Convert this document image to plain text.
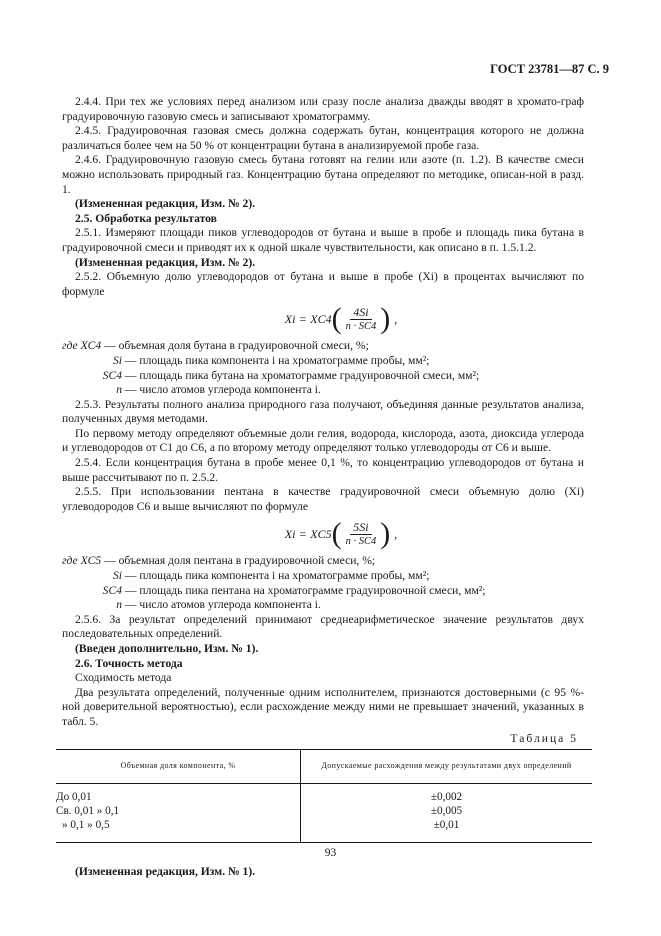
ГОСТ 23781—87 С. 9

2.4.4. При тех же условиях перед анализом или сразу после анализа дважды вводят в хромато-граф градуировочную газовую смесь и записывают хроматограмму.

2.4.5. Градуировочная газовая смесь должна содержать бутан, концентрация которого не должна различаться более чем на 50 % от концентрации бутана в анализируемой пробе газа.

2.4.6. Градуировочную газовую смесь бутана готовят на гелии или азоте (п. 1.2). В качестве смеси можно использовать природный газ. Концентрацию бутана определяют по методике, описан-ной в разд. 1.

(Измененная редакция, Изм. № 2).

2.5. Обработка результатов

2.5.1. Измеряют площади пиков углеводородов от бутана и выше в пробе и площадь пика бутана в градуировочной смеси и приводят их к одной шкале чувствительности, как описано в п. 1.5.1.2.

(Измененная редакция, Изм. № 2).

2.5.2. Объемную долю углеводородов от бутана и выше в пробе (Xi) в процентах вычисляют по формуле

Xi = XC4 ( $\frac{4Si}{n \cdot SC4}$ ) ,
где XC4 — объемная доля бутана в градуировочной смеси, %;
Si — площадь пика компонента i на хроматограмме пробы, мм²;
SC4 — площадь пика бутана на хроматограмме градуировочной смеси, мм²;
n — число атомов углерода компонента i.

2.5.3. Результаты полного анализа природного газа получают, объединяя данные результатов анализа, полученных двумя методами.

По первому методу определяют объемные доли гелия, водорода, кислорода, азота, диоксида углерода и углеводородов от C1 до C6, а по второму методу определяют только углеводороды от C6 и выше.

2.5.4. Если концентрация бутана в пробе менее 0,1 %, то концентрацию углеводородов от бутана и выше рассчитывают по п. 2.5.2.

2.5.5. При использовании пентана в качестве градуировочной смеси объемную долю (Xi) углеводородов C6 и выше вычисляют по формуле

Xi = XC5 ( $\frac{5Si}{n \cdot SC4}$ ) ,
где XC5 — объемная доля пентана в градуировочной смеси, %;
Si — площадь пика компонента i на хроматограмме пробы, мм²;
SC4 — площадь пика пентана на хроматограмме градуировочной смеси, мм²;
n — число атомов углерода компонента i.

2.5.6. За результат определений принимают среднеарифметическое значение результатов двух последовательных определений.

(Введен дополнительно, Изм. № 1).

2.6. Точность метода

Сходимость метода

Два результата определений, полученные одним исполнителем, признаются достоверными (с 95 %-ной доверительной вероятностью), если расхождение между ними не превышает значений, указанных в табл. 5.

Таблица 5
Объемная доля компонента, %	Допускаемые расхождения между результатами двух определений

До 0,01	±0,002
Св. 0,01 » 0,1	±0,005
» 0,1 » 0,5	±0,01

(Измененная редакция, Изм. № 1).

93
